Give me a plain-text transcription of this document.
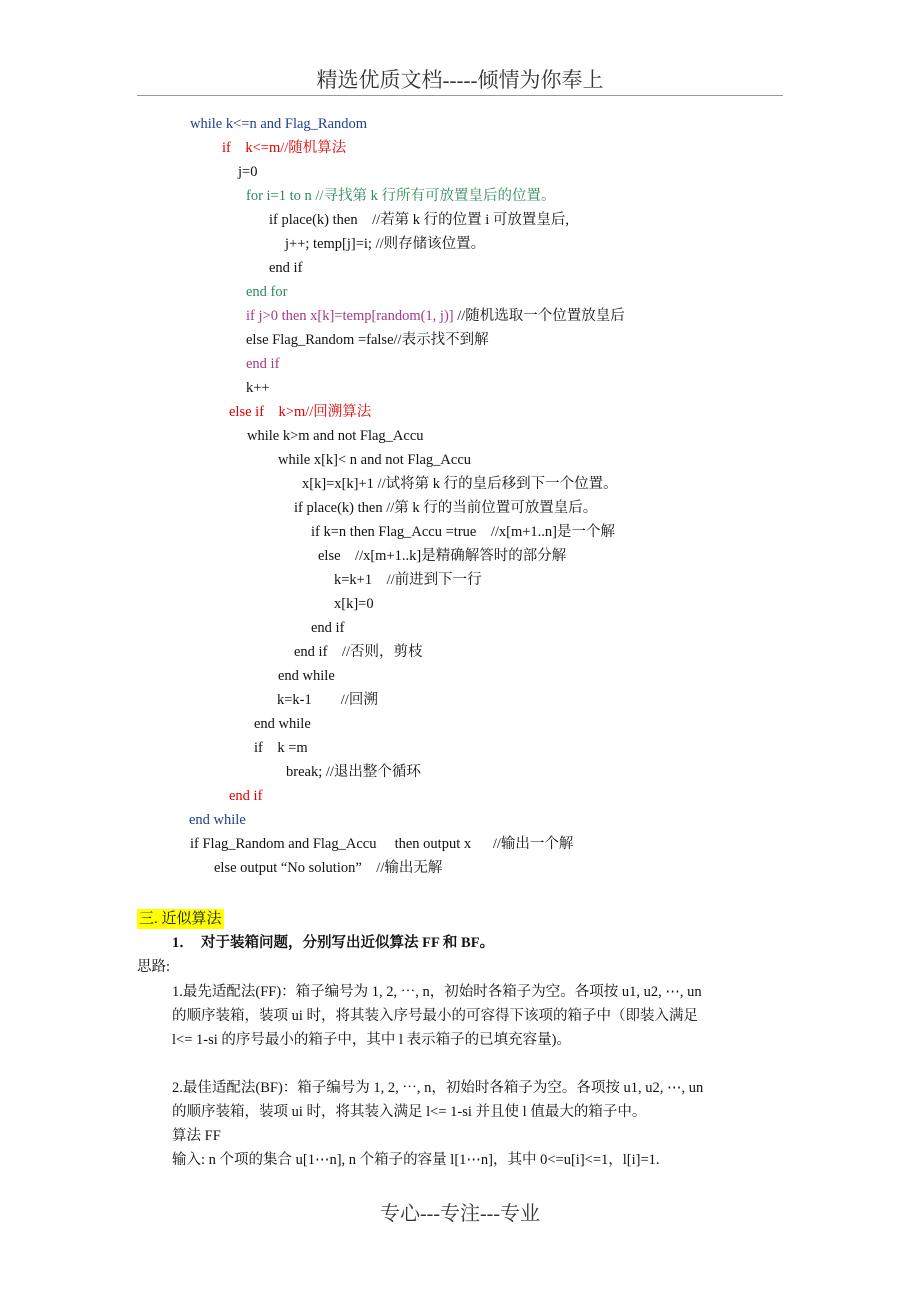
精选优质文档-----倾情为你奉上
while k<=n and Flag_Random
if    k<=m//随机算法
j=0
for i=1 to n //寻找第 k 行所有可放置皇后的位置。
if place(k) then    //若第 k 行的位置 i 可放置皇后,
j++; temp[j]=i; //则存储该位置。
end if
end for
if j>0 then x[k]=temp[random(1, j)] //随机选取一个位置放皇后
else Flag_Random =false//表示找不到解
end if
k++
else if    k>m//回溯算法
while k>m and not Flag_Accu
while x[k]< n and not Flag_Accu
x[k]=x[k]+1 //试将第 k 行的皇后移到下一个位置。
if place(k) then //第 k 行的当前位置可放置皇后。
if k=n then Flag_Accu =true    //x[m+1..n]是一个解
else    //x[m+1..k]是精确解答时的部分解
k=k+1    //前进到下一行
x[k]=0
end if
end if    //否则，剪枝
end while
k=k-1        //回溯
end while
if    k =m
break; //退出整个循环
end if
end while
if Flag_Random and Flag_Accu     then output x      //输出一个解
else output “No solution”    //输出无解
三. 近似算法
1．  对于装箱问题，分别写出近似算法 FF 和 BF。
思路:
1.最先适配法(FF)：箱子编号为 1, 2, ⋯, n，初始时各箱子为空。各项按 u1, u2, ⋯, un
的顺序装箱，装项 ui 时，将其装入序号最小的可容得下该项的箱子中（即装入满足
l<= 1-si 的序号最小的箱子中，其中 l 表示箱子的已填充容量)。
2.最佳适配法(BF)：箱子编号为 1, 2, ⋯, n，初始时各箱子为空。各项按 u1, u2, ⋯, un
的顺序装箱，装项 ui 时，将其装入满足 l<= 1-si 并且使 l 值最大的箱子中。
算法 FF
输入: n 个项的集合 u[1⋯n], n 个箱子的容量 l[1⋯n]，其中 0<=u[i]<=1，l[i]=1.
专心---专注---专业
